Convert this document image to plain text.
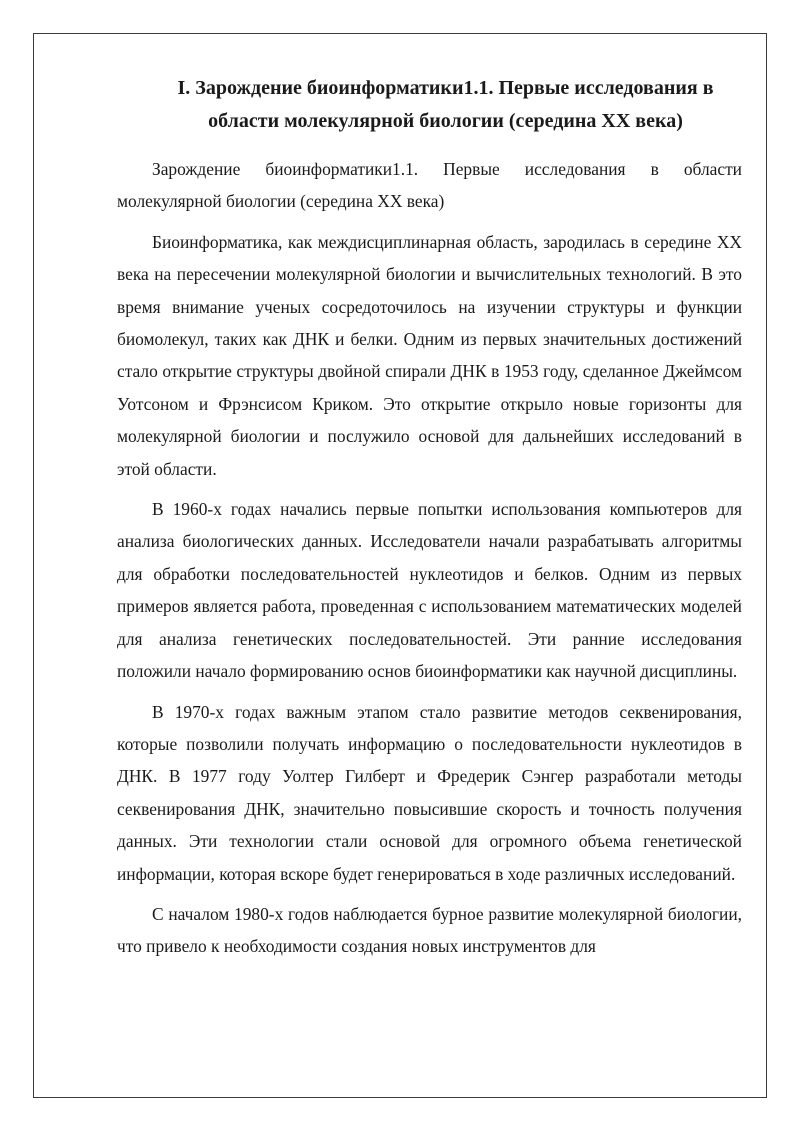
I. Зарождение биоинформатики1.1. Первые исследования в области молекулярной биологии (середина XX века)

Зарождение биоинформатики1.1. Первые исследования в области молекулярной биологии (середина XX века)

Биоинформатика, как междисциплинарная область, зародилась в середине XX века на пересечении молекулярной биологии и вычислительных технологий. В это время внимание ученых сосредоточилось на изучении структуры и функции биомолекул, таких как ДНК и белки. Одним из первых значительных достижений стало открытие структуры двойной спирали ДНК в 1953 году, сделанное Джеймсом Уотсоном и Фрэнсисом Криком. Это открытие открыло новые горизонты для молекулярной биологии и послужило основой для дальнейших исследований в этой области.

В 1960-х годах начались первые попытки использования компьютеров для анализа биологических данных. Исследователи начали разрабатывать алгоритмы для обработки последовательностей нуклеотидов и белков. Одним из первых примеров является работа, проведенная с использованием математических моделей для анализа генетических последовательностей. Эти ранние исследования положили начало формированию основ биоинформатики как научной дисциплины.

В 1970-х годах важным этапом стало развитие методов секвенирования, которые позволили получать информацию о последовательности нуклеотидов в ДНК. В 1977 году Уолтер Гилберт и Фредерик Сэнгер разработали методы секвенирования ДНК, значительно повысившие скорость и точность получения данных. Эти технологии стали основой для огромного объема генетической информации, которая вскоре будет генерироваться в ходе различных исследований.

С началом 1980-х годов наблюдается бурное развитие молекулярной биологии, что привело к необходимости создания новых инструментов для
